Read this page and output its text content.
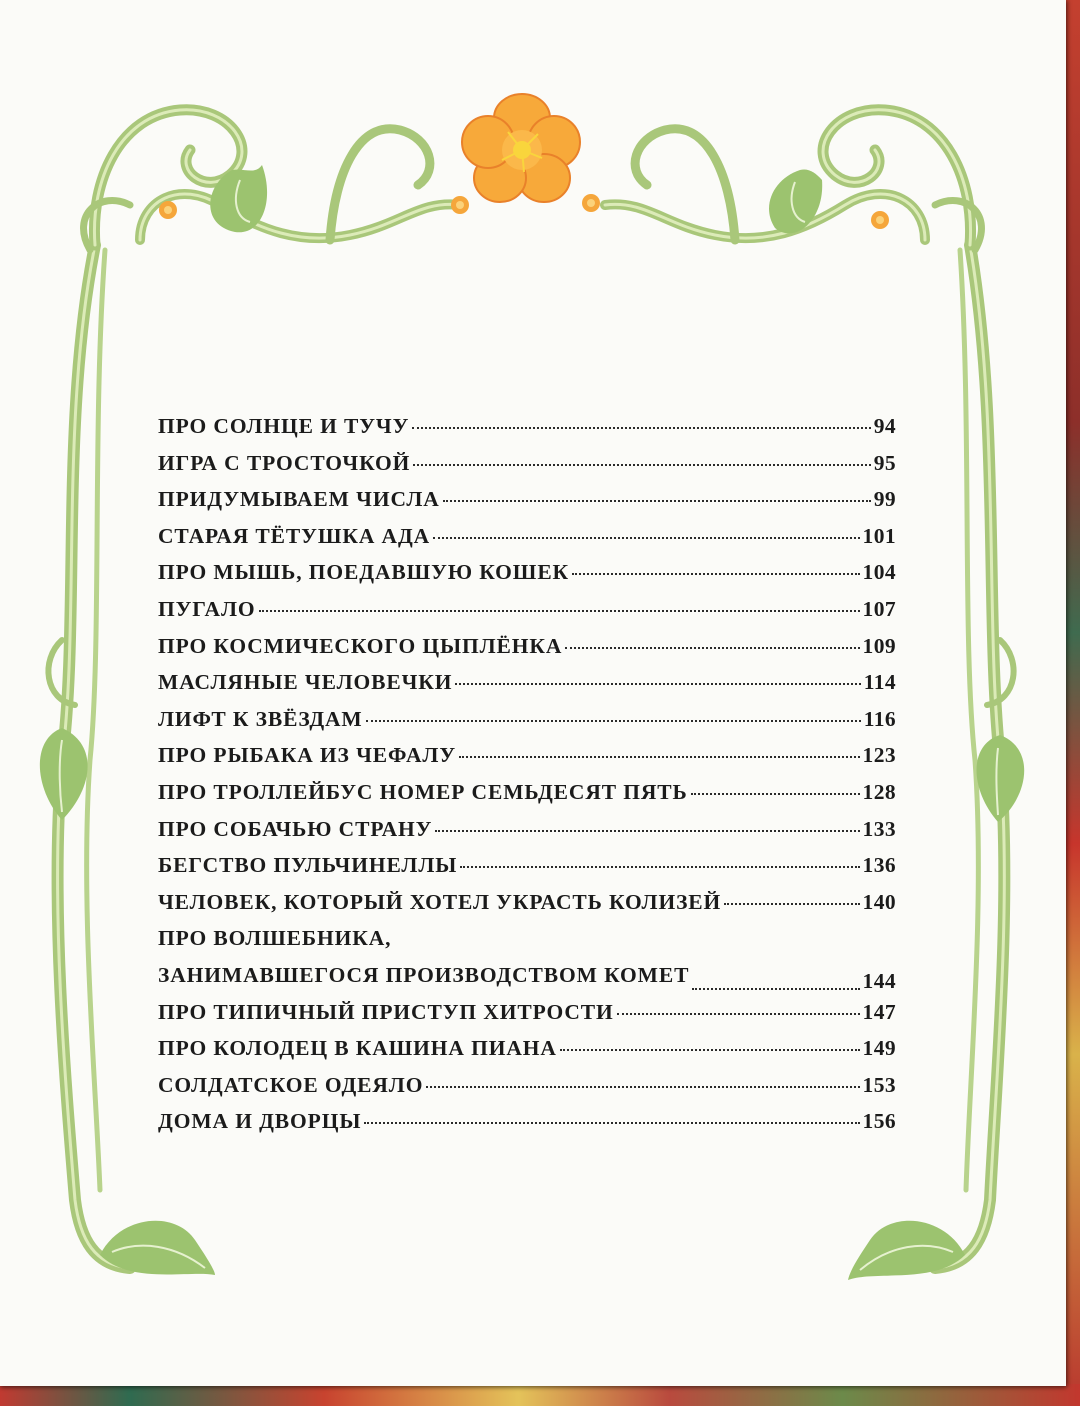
ПРО СОЛНЦЕ И ТУЧУ	94
ИГРА С ТРОСТОЧКОЙ	95
ПРИДУМЫВАЕМ ЧИСЛА	99
СТАРАЯ ТЁТУШКА АДА	101
ПРО МЫШЬ, ПОЕДАВШУЮ КОШЕК	104
ПУГАЛО	107
ПРО КОСМИЧЕСКОГО ЦЫПЛЁНКА	109
МАСЛЯНЫЕ ЧЕЛОВЕЧКИ	114
ЛИФТ К ЗВЁЗДАМ	116
ПРО РЫБАКА ИЗ ЧЕФАЛУ	123
ПРО ТРОЛЛЕЙБУС НОМЕР СЕМЬДЕСЯТ ПЯТЬ	128
ПРО СОБАЧЬЮ СТРАНУ	133
БЕГСТВО ПУЛЬЧИНЕЛЛЫ	136
ЧЕЛОВЕК, КОТОРЫЙ ХОТЕЛ УКРАСТЬ КОЛИЗЕЙ	140
ПРО ВОЛШЕБНИКА,
ЗАНИМАВШЕГОСЯ ПРОИЗВОДСТВОМ КОМЕТ	144
ПРО ТИПИЧНЫЙ ПРИСТУП ХИТРОСТИ	147
ПРО КОЛОДЕЦ В КАШИНА ПИАНА	149
СОЛДАТСКОЕ ОДЕЯЛО	153
ДОМА И ДВОРЦЫ	156
